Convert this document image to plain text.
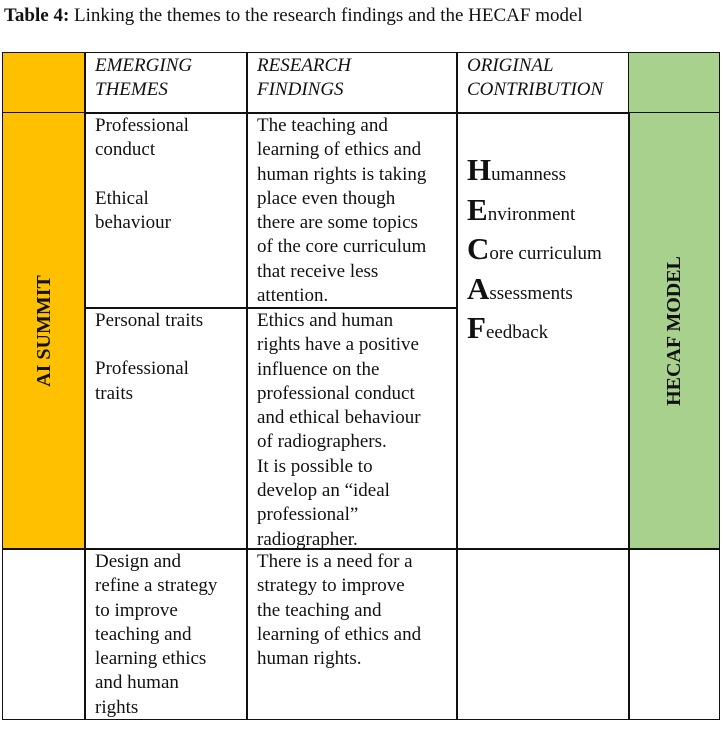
Table 4: Linking the themes to the research findings and the HECAF model
EMERGING
THEMES
RESEARCH
FINDINGS
ORIGINAL
CONTRIBUTION
AI SUMMIT	HECAF MODEL
Professional
conduct
Ethical
behaviour
The teaching and
learning of ethics and
human rights is taking
place even though
there are some topics
of the core curriculum
that receive less
attention.
Humanness
Environment
Core curriculum
Assessments
Feedback
Personal traits
Professional
traits
Ethics and human
rights have a positive
influence on the
professional conduct
and ethical behaviour
of radiographers.
It is possible to
develop an “ideal
professional”
radiographer.
Design and
refine a strategy
to improve
teaching and
learning ethics
and human
rights
There is a need for a
strategy to improve
the teaching and
learning of ethics and
human rights.
